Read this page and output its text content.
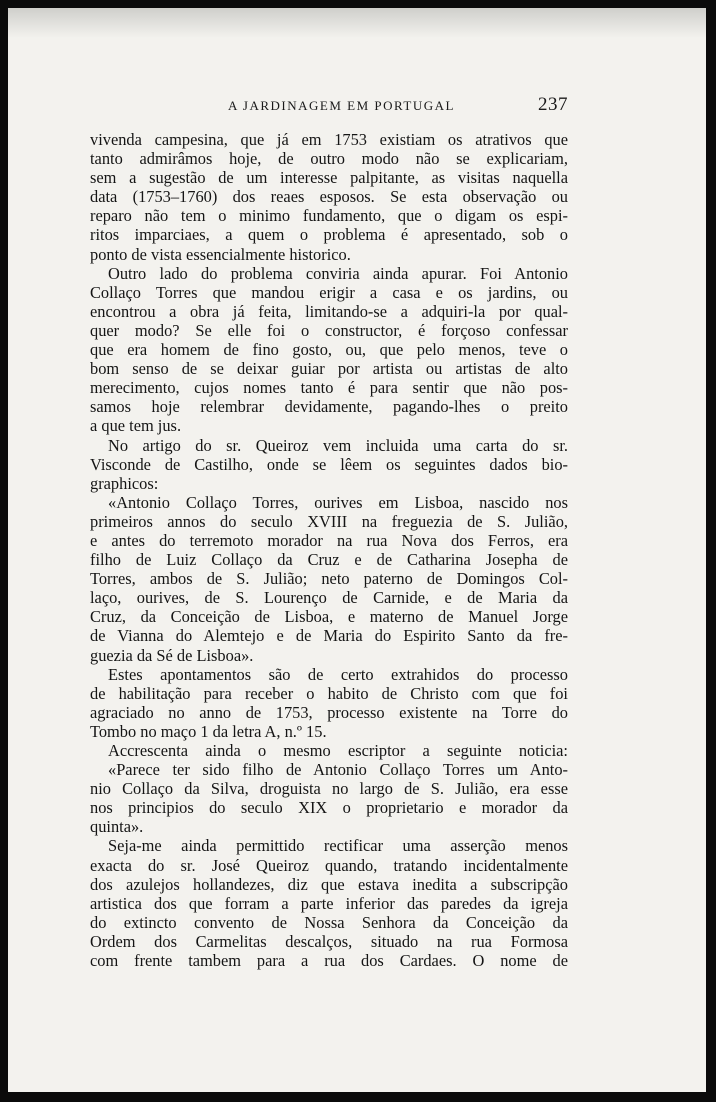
A JARDINAGEM EM PORTUGAL	237
vivenda campesina, que já em 1753 existiam os atrativos que
tanto admirâmos hoje, de outro modo não se explicariam,
sem a sugestão de um interesse palpitante, as visitas naquella
data (1753–1760) dos reaes esposos. Se esta observação ou
reparo não tem o minimo fundamento, que o digam os espi-
ritos imparciaes, a quem o problema é apresentado, sob o
ponto de vista essencialmente historico.
Outro lado do problema conviria ainda apurar. Foi Antonio
Collaço Torres que mandou erigir a casa e os jardins, ou
encontrou a obra já feita, limitando-se a adquiri-la por qual-
quer modo? Se elle foi o constructor, é forçoso confessar
que era homem de fino gosto, ou, que pelo menos, teve o
bom senso de se deixar guiar por artista ou artistas de alto
merecimento, cujos nomes tanto é para sentir que não pos-
samos hoje relembrar devidamente, pagando-lhes o preito
a que tem jus.
No artigo do sr. Queiroz vem incluida uma carta do sr.
Visconde de Castilho, onde se lêem os seguintes dados bio-
graphicos:
«Antonio Collaço Torres, ourives em Lisboa, nascido nos
primeiros annos do seculo XVIII na freguezia de S. Julião,
e antes do terremoto morador na rua Nova dos Ferros, era
filho de Luiz Collaço da Cruz e de Catharina Josepha de
Torres, ambos de S. Julião; neto paterno de Domingos Col-
laço, ourives, de S. Lourenço de Carnide, e de Maria da
Cruz, da Conceição de Lisboa, e materno de Manuel Jorge
de Vianna do Alemtejo e de Maria do Espirito Santo da fre-
guezia da Sé de Lisboa».
Estes apontamentos são de certo extrahidos do processo
de habilitação para receber o habito de Christo com que foi
agraciado no anno de 1753, processo existente na Torre do
Tombo no maço 1 da letra A, n.º 15.
Accrescenta ainda o mesmo escriptor a seguinte noticia:
«Parece ter sido filho de Antonio Collaço Torres um Anto-
nio Collaço da Silva, droguista no largo de S. Julião, era esse
nos principios do seculo XIX o proprietario e morador da
quinta».
Seja-me ainda permittido rectificar uma asserção menos
exacta do sr. José Queiroz quando, tratando incidentalmente
dos azulejos hollandezes, diz que estava inedita a subscripção
artistica dos que forram a parte inferior das paredes da igreja
do extincto convento de Nossa Senhora da Conceição da
Ordem dos Carmelitas descalços, situado na rua Formosa
com frente tambem para a rua dos Cardaes. O nome de
